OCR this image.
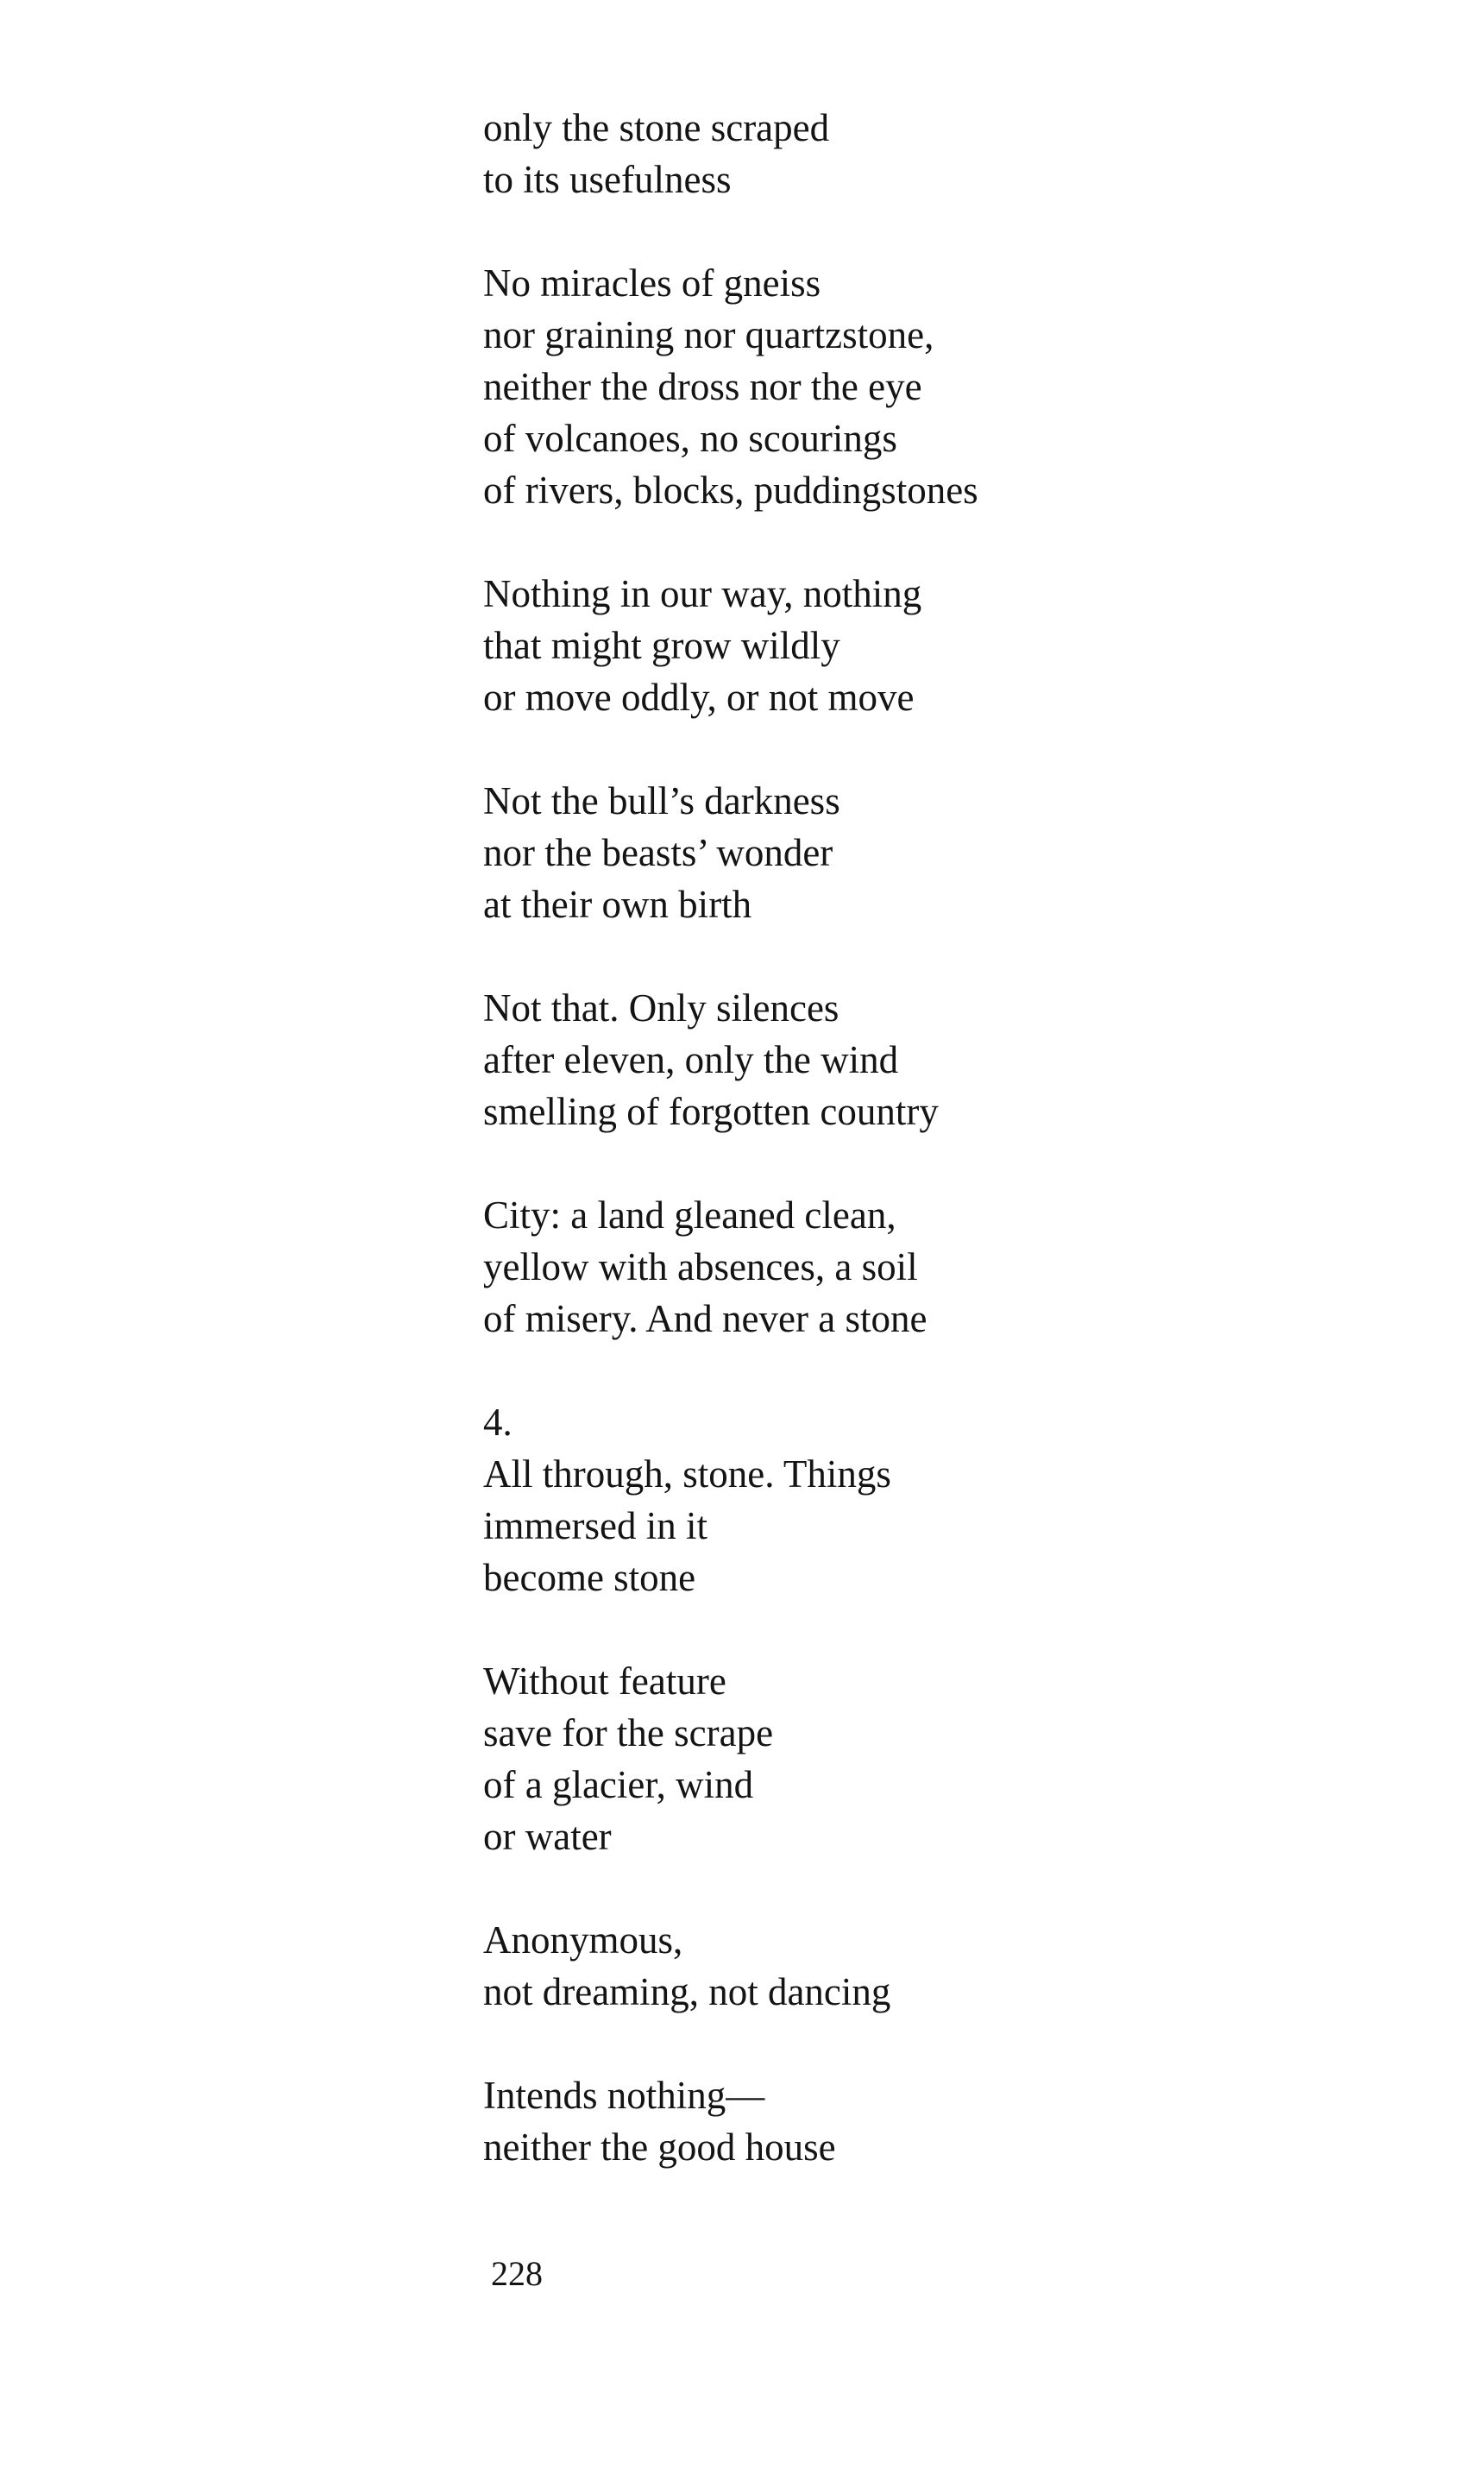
only the stone scraped
to its usefulness
No miracles of gneiss
nor graining nor quartzstone,
neither the dross nor the eye
of volcanoes, no scourings
of rivers, blocks, puddingstones
Nothing in our way, nothing
that might grow wildly
or move oddly, or not move
Not the bull’s darkness
nor the beasts’ wonder
at their own birth
Not that. Only silences
after eleven, only the wind
smelling of forgotten country
City: a land gleaned clean,
yellow with absences, a soil
of misery. And never a stone
4.
All through, stone. Things
immersed in it
become stone
Without feature
save for the scrape
of a glacier, wind
or water
Anonymous,
not dreaming, not dancing
Intends nothing—
neither the good house
228
